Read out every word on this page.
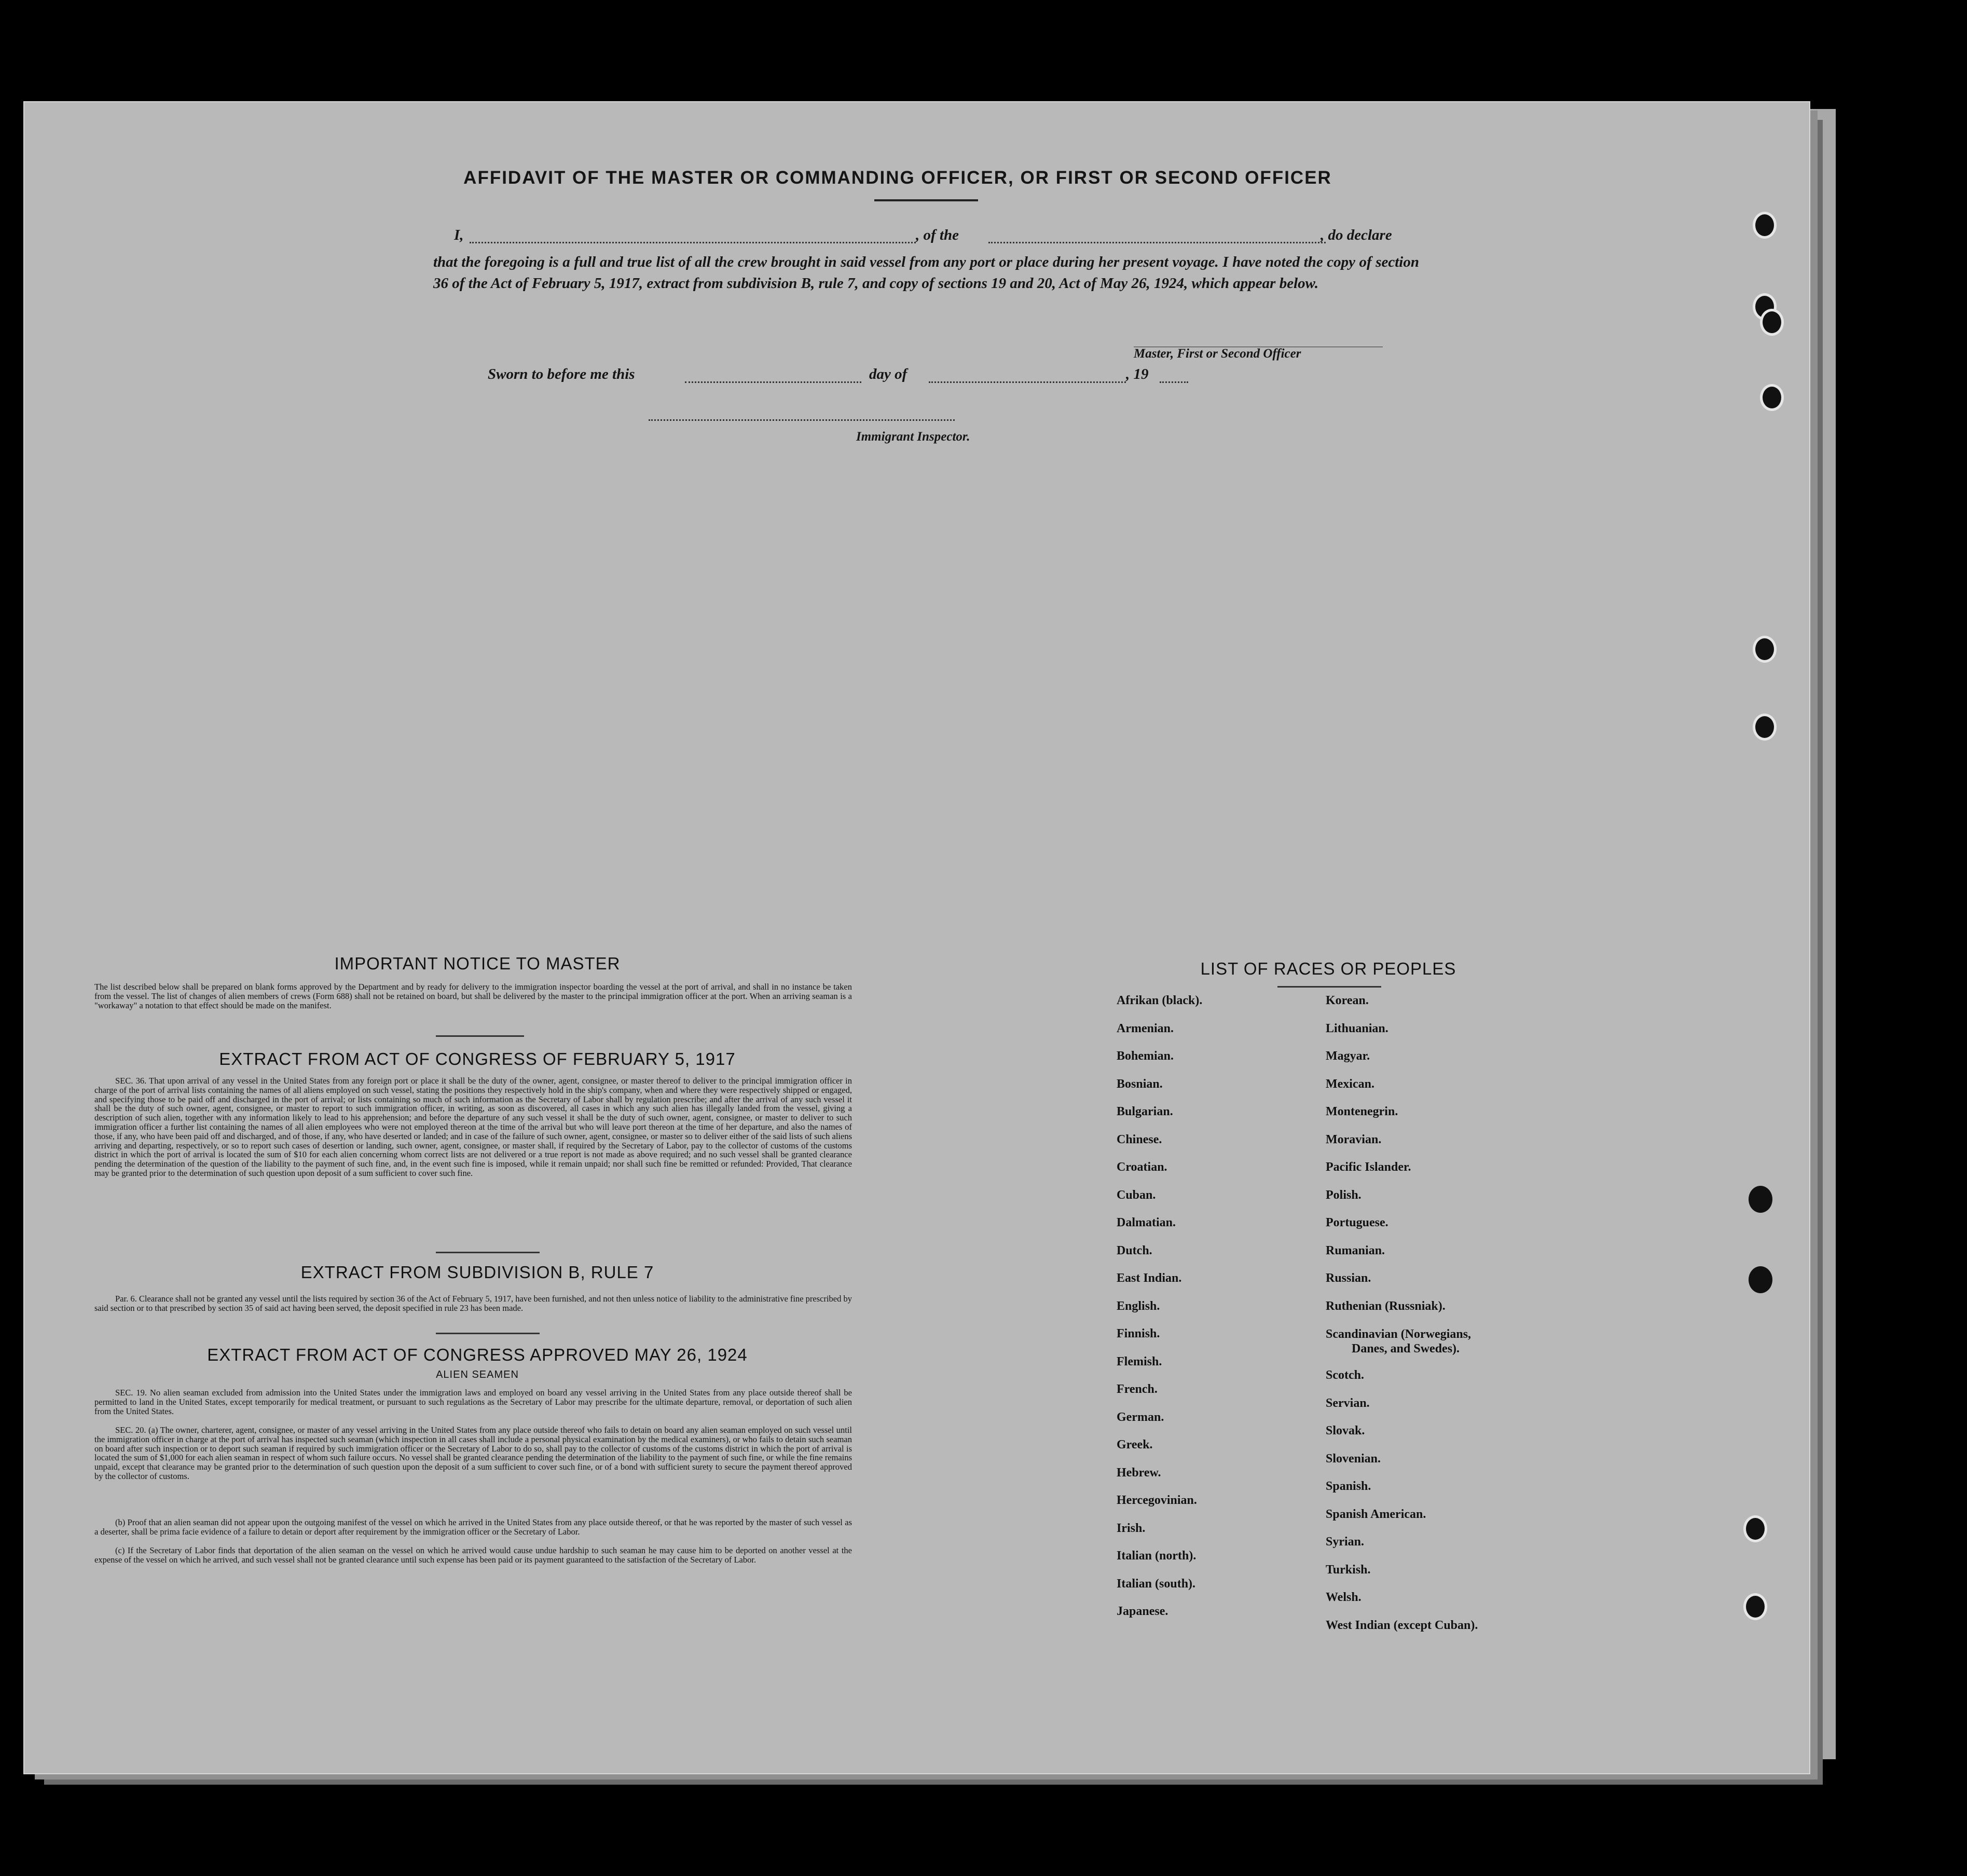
AFFIDAVIT OF THE MASTER OR COMMANDING OFFICER, OR FIRST OR SECOND OFFICER
I,	, of the	, do declare
that the foregoing is a full and true list of all the crew brought in said vessel from any port or place during her present voyage. I have noted the copy of section 36 of the Act of February 5, 1917, extract from subdivision B, rule 7, and copy of sections 19 and 20, Act of May 26, 1924, which appear below.
Master, First or Second Officer
Sworn to before me this	day of	, 19
Immigrant Inspector.
IMPORTANT NOTICE TO MASTER
The list described below shall be prepared on blank forms approved by the Department and by ready for delivery to the immigration inspector boarding the vessel at the port of arrival, and shall in no instance be taken from the vessel. The list of changes of alien members of crews (Form 688) shall not be retained on board, but shall be delivered by the master to the principal immigration officer at the port. When an arriving seaman is a "workaway" a notation to that effect should be made on the manifest.
EXTRACT FROM ACT OF CONGRESS OF FEBRUARY 5, 1917
SEC. 36. That upon arrival of any vessel in the United States from any foreign port or place it shall be the duty of the owner, agent, consignee, or master thereof to deliver to the principal immigration officer in charge of the port of arrival lists containing the names of all aliens employed on such vessel, stating the positions they respectively hold in the ship's company, when and where they were respectively shipped or engaged, and specifying those to be paid off and discharged in the port of arrival; or lists containing so much of such information as the Secretary of Labor shall by regulation prescribe; and after the arrival of any such vessel it shall be the duty of such owner, agent, consignee, or master to report to such immigration officer, in writing, as soon as discovered, all cases in which any such alien has illegally landed from the vessel, giving a description of such alien, together with any information likely to lead to his apprehension; and before the departure of any such vessel it shall be the duty of such owner, agent, consignee, or master to deliver to such immigration officer a further list containing the names of all alien employees who were not employed thereon at the time of the arrival but who will leave port thereon at the time of her departure, and also the names of those, if any, who have been paid off and discharged, and of those, if any, who have deserted or landed; and in case of the failure of such owner, agent, consignee, or master so to deliver either of the said lists of such aliens arriving and departing, respectively, or so to report such cases of desertion or landing, such owner, agent, consignee, or master shall, if required by the Secretary of Labor, pay to the collector of customs of the customs district in which the port of arrival is located the sum of $10 for each alien concerning whom correct lists are not delivered or a true report is not made as above required; and no such vessel shall be granted clearance pending the determination of the question of the liability to the payment of such fine, and, in the event such fine is imposed, while it remain unpaid; nor shall such fine be remitted or refunded: Provided, That clearance may be granted prior to the determination of such question upon deposit of a sum sufficient to cover such fine.
EXTRACT FROM SUBDIVISION B, RULE 7
Par. 6. Clearance shall not be granted any vessel until the lists required by section 36 of the Act of February 5, 1917, have been furnished, and not then unless notice of liability to the administrative fine prescribed by said section or to that prescribed by section 35 of said act having been served, the deposit specified in rule 23 has been made.
EXTRACT FROM ACT OF CONGRESS APPROVED MAY 26, 1924
ALIEN SEAMEN
SEC. 19. No alien seaman excluded from admission into the United States under the immigration laws and employed on board any vessel arriving in the United States from any place outside thereof shall be permitted to land in the United States, except temporarily for medical treatment, or pursuant to such regulations as the Secretary of Labor may prescribe for the ultimate departure, removal, or deportation of such alien from the United States.
SEC. 20. (a) The owner, charterer, agent, consignee, or master of any vessel arriving in the United States from any place outside thereof who fails to detain on board any alien seaman employed on such vessel until the immigration officer in charge at the port of arrival has inspected such seaman (which inspection in all cases shall include a personal physical examination by the medical examiners), or who fails to detain such seaman on board after such inspection or to deport such seaman if required by such immigration officer or the Secretary of Labor to do so, shall pay to the collector of customs of the customs district in which the port of arrival is located the sum of $1,000 for each alien seaman in respect of whom such failure occurs. No vessel shall be granted clearance pending the determination of the liability to the payment of such fine, or while the fine remains unpaid, except that clearance may be granted prior to the determination of such question upon the deposit of a sum sufficient to cover such fine, or of a bond with sufficient surety to secure the payment thereof approved by the collector of customs.
(b) Proof that an alien seaman did not appear upon the outgoing manifest of the vessel on which he arrived in the United States from any place outside thereof, or that he was reported by the master of such vessel as a deserter, shall be prima facie evidence of a failure to detain or deport after requirement by the immigration officer or the Secretary of Labor.
(c) If the Secretary of Labor finds that deportation of the alien seaman on the vessel on which he arrived would cause undue hardship to such seaman he may cause him to be deported on another vessel at the expense of the vessel on which he arrived, and such vessel shall not be granted clearance until such expense has been paid or its payment guaranteed to the satisfaction of the Secretary of Labor.
LIST OF RACES OR PEOPLES
Afrikan (black).
Armenian.
Bohemian.
Bosnian.
Bulgarian.
Chinese.
Croatian.
Cuban.
Dalmatian.
Dutch.
East Indian.
English.
Finnish.
Flemish.
French.
German.
Greek.
Hebrew.
Hercegovinian.
Irish.
Italian (north).
Italian (south).
Japanese.
Korean.
Lithuanian.
Magyar.
Mexican.
Montenegrin.
Moravian.
Pacific Islander.
Polish.
Portuguese.
Rumanian.
Russian.
Ruthenian (Russniak).
Scandinavian (Norwegians,
Danes, and Swedes).
Scotch.
Servian.
Slovak.
Slovenian.
Spanish.
Spanish American.
Syrian.
Turkish.
Welsh.
West Indian (except Cuban).
